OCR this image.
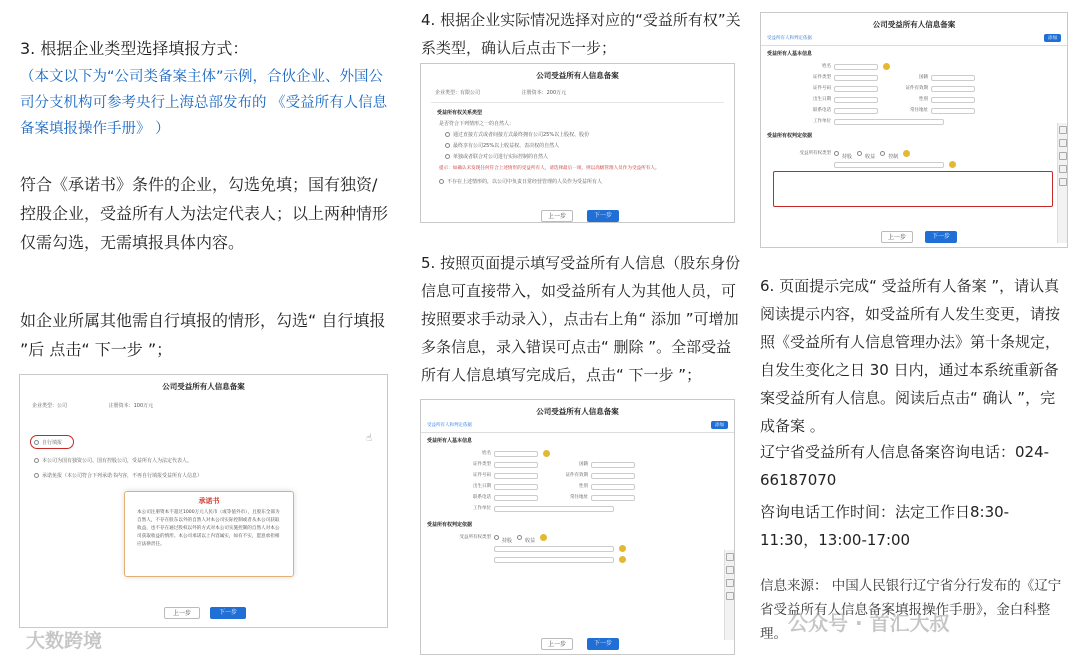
3. 根据企业类型选择填报方式：
（本文以下为“公司类备案主体”示例，合伙企业、外国公司分支机构可参考央行上海总部发布的 《受益所有人信息备案填报操作手册》 ）
符合《承诺书》条件的企业，勾选免填；国有独资/控股企业，受益所有人为法定代表人；以上两种情形仅需勾选，无需填报具体内容。
如企业所属其他需自行填报的情形，勾选“ 自行填报 ”后 点击“ 下一步 ”；
公司受益所有人信息备案
企业类型：公司	注册资本：100万元
自行填报
本公司为国有独资公司、国有控股公司，受益所有人为法定代表人。
承诺免报（本公司符合下列承诺书内容，不再自行填报受益所有人信息）
☝
承诺书
本公司注册资本不超过1000万元人民币（或等值外币），且股东全部为自然人，不存在股东以外的自然人对本公司实际控制或者从本公司获取收益，也不存在通过股权以外的方式对本公司实施控制的自然人对本公司获取收益的情形。本公司承诺以上内容属实，如有不实，愿意承担相应法律责任。
上一步	下一步
大数跨境
4. 根据企业实际情况选择对应的“受益所有权”关系类型，确认后点击下一步；
公司受益所有人信息备案
企业类型：有限公司	注册资本：200万元
受益所有权关系类型
是否符合下列情形之一的自然人：
通过直接方式或者间接方式最终拥有公司25%以上股权、股份
最终享有公司25%以上收益权、表决权的自然人
单独或者联合对公司进行实际控制的自然人
提示：如确认未发现任何符合上述情形的受益所有人，请选择最后一项，则以高级管理人员作为受益所有人。
不存在上述情形的，以公司中负责日常经营管理的人员作为受益所有人
上一步	下一步
5. 按照页面提示填写受益所有人信息（股东身份信息可直接带入，如受益所有人为其他人员，可按照要求手动录入），点击右上角“ 添加 ”可增加多条信息，录入错误可点击“ 删除 ”。全部受益所有人信息填写完成后，点击“ 下一步 ”；
公司受益所有人信息备案
受益所有人和判定依据	添加
受益所有人基本信息
姓名
证件类型	国籍
证件号码	证件有效期
出生日期	性别
联系电话	常住地址
工作单位
受益所有权判定依据
受益所有权类型持股	收益

上一步	下一步
公司受益所有人信息备案
受益所有人和判定依据	添加
受益所有人基本信息
姓名
证件类型	国籍
证件号码	证件有效期
出生日期	性别
联系电话	常住地址
工作单位
受益所有权判定依据
受益所有权类型持股	收益	控制

上一步	下一步
6. 页面提示完成“ 受益所有人备案 ”，请认真阅读提示内容，如受益所有人发生变更，请按照《受益所有人信息管理办法》第十条规定，自发生变化之日 30 日内，通过本系统重新备案受益所有人信息。阅读后点击“ 确认 ”，完成备案 。
辽宁省受益所有人信息备案咨询电话：024-66187070
咨询电话工作时间：法定工作日8:30-11:30，13:00-17:00
信息来源： 中国人民银行辽宁省分行发布的《辽宁省受益所有人信息备案填报操作手册》，金白科整理。 公众号 · 首汇大叔
